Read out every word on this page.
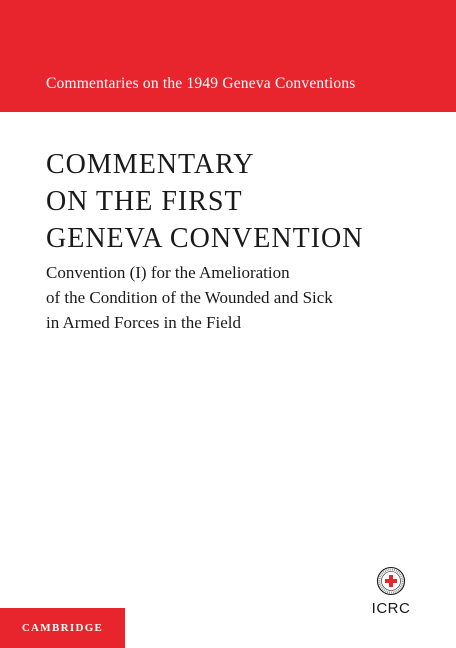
Commentaries on the 1949 Geneva Conventions
COMMENTARY
ON THE FIRST
GENEVA CONVENTION
Convention (I) for the Amelioration
of the Condition of the Wounded and Sick
in Armed Forces in the Field
CAMBRIDGE
ICRC
